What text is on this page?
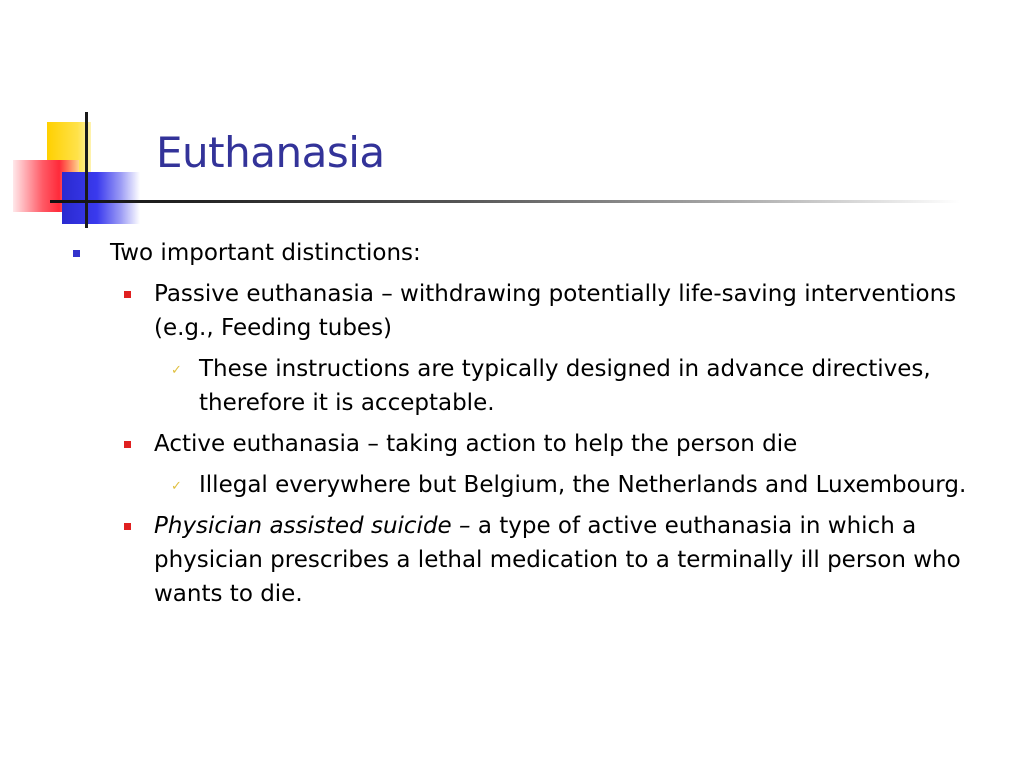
Euthanasia
Two important distinctions:
Passive euthanasia – withdrawing potentially life-saving interventions (e.g., Feeding tubes)
✓ These instructions are typically designed in advance directives, therefore it is acceptable.
Active euthanasia – taking action to help the person die
✓ Illegal everywhere but Belgium, the Netherlands and Luxembourg.
Physician assisted suicide – a type of active euthanasia in which a physician prescribes a lethal medication to a terminally ill person who wants to die.
